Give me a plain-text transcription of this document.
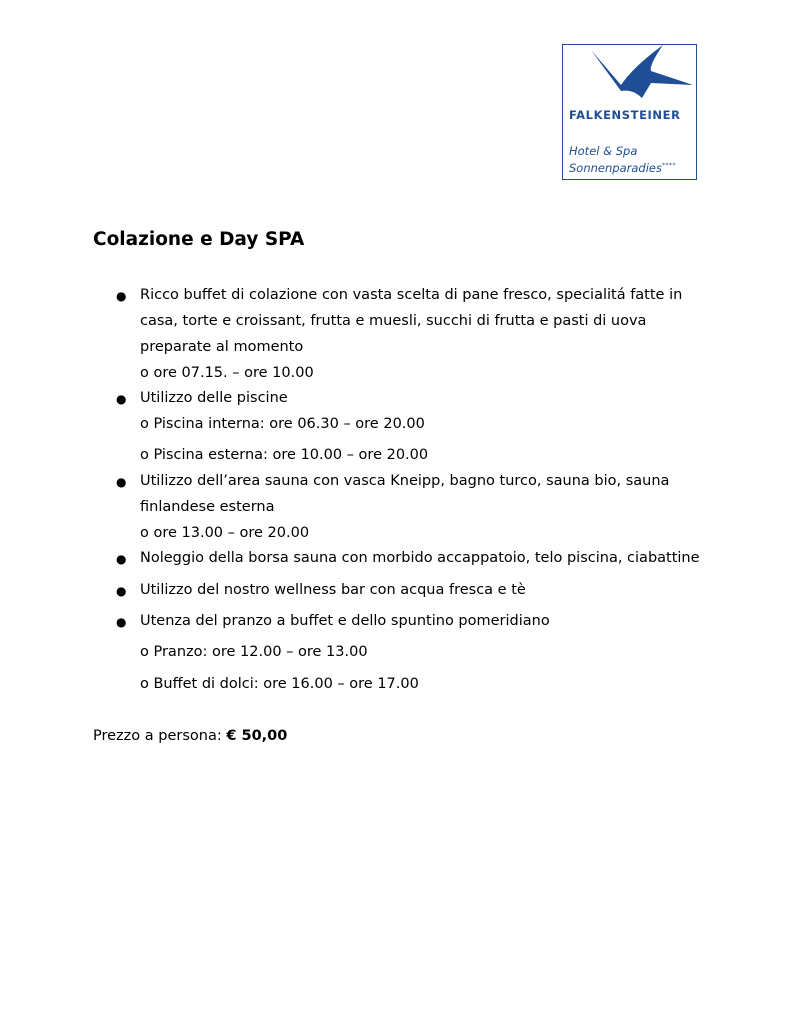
FALKENSTEINER
Hotel & Spa
Sonnenparadies****
Colazione e Day SPA
● Ricco buffet di colazione con vasta scelta di pane fresco, specialitá fatte in
casa, torte e croissant, frutta e muesli, succhi di frutta e pasti di uova
preparate al momento
o ore 07.15. – ore 10.00
● Utilizzo delle piscine
o Piscina interna: ore 06.30 – ore 20.00
o Piscina esterna: ore 10.00 – ore 20.00
● Utilizzo dell’area sauna con vasca Kneipp, bagno turco, sauna bio, sauna
finlandese esterna
o ore 13.00 – ore 20.00
● Noleggio della borsa sauna con morbido accappatoio, telo piscina, ciabattine
● Utilizzo del nostro wellness bar con acqua fresca e tè
● Utenza del pranzo a buffet e dello spuntino pomeridiano
o Pranzo: ore 12.00 – ore 13.00
o Buffet di dolci: ore 16.00 – ore 17.00
Prezzo a persona: € 50,00
